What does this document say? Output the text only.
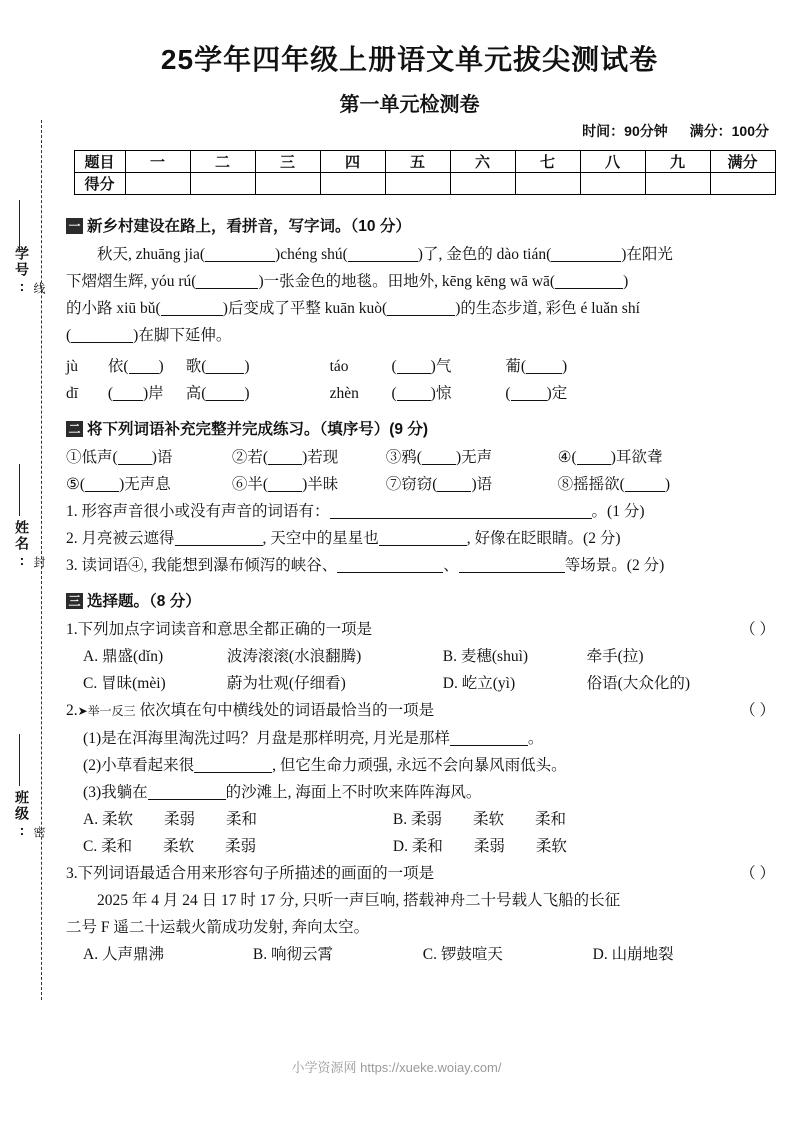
学号: 线
姓名: 封
班级: 密
25学年四年级上册语文单元拔尖测试卷
第一单元检测卷
时间：90分钟 满分：100分
题目	一	二	三	四	五	六	七	八	九	满分
得分										
一 新乡村建设在路上，看拼音，写字词。（10 分）
秋天, zhuāng jia(	)chéng shú(	)了, 金色的 dào tián(	)在阳光
下熠熠生辉, yóu rú(	)一张金色的地毯。田地外, kēng kēng wā wā(	)
的小路 xiū bǔ(	)后变成了平整 kuān kuò(	)的生态步道, 彩色 é luǎn shí
(	)在脚下延伸。
jù 依( ) 歌( )	táo	( )气	葡( )
dī ( )岸 高( )	zhèn ( )惊	( )定
二 将下列词语补充完整并完成练习。（填序号）(9 分)
①低声( )语	②若( )若现	③鸦( )无声	④( )耳欲聋
⑤( )无声息	⑥半( )半昧	⑦窃窃( )语	⑧摇摇欲(	)
1. 形容声音很小或没有声音的词语有：	。(1 分)
2. 月亮被云遮得	, 天空中的星星也	, 好像在眨眼睛。(2 分)
3. 读词语④, 我能想到瀑布倾泻的峡谷、	、	等场景。(2 分)
三 选择题。（8 分）
（ ）
1.下列加点字词读音和意思全都正确的一项是
A. 鼎盛(dǐn)	波涛滚滚(水浪翻腾)	B. 麦穗(shuì)	牵手(拉)
C. 冒昧(mèi)	蔚为壮观(仔细看)	D. 屹立(yì)	俗语(大众化的)
（ ）
2.➤举一反三 依次填在句中横线处的词语最恰当的一项是
(1)是在洱海里淘洗过吗？月盘是那样明亮, 月光是那样	。
(2)小草看起来很	, 但它生命力顽强, 永远不会向暴风雨低头。
(3)我躺在	的沙滩上, 海面上不时吹来阵阵海风。
A. 柔软　　柔弱　　柔和	B. 柔弱　　柔软　　柔和
C. 柔和　　柔软　　柔弱	D. 柔和　　柔弱　　柔软
（ ）
3.下列词语最适合用来形容句子所描述的画面的一项是
2025 年 4 月 24 日 17 时 17 分, 只听一声巨响, 搭载神舟二十号载人飞船的长征
二号 F 遥二十运载火箭成功发射, 奔向太空。
A. 人声鼎沸	B. 响彻云霄	C. 锣鼓喧天	D. 山崩地裂
小学资源网 https://xueke.woiay.com/
